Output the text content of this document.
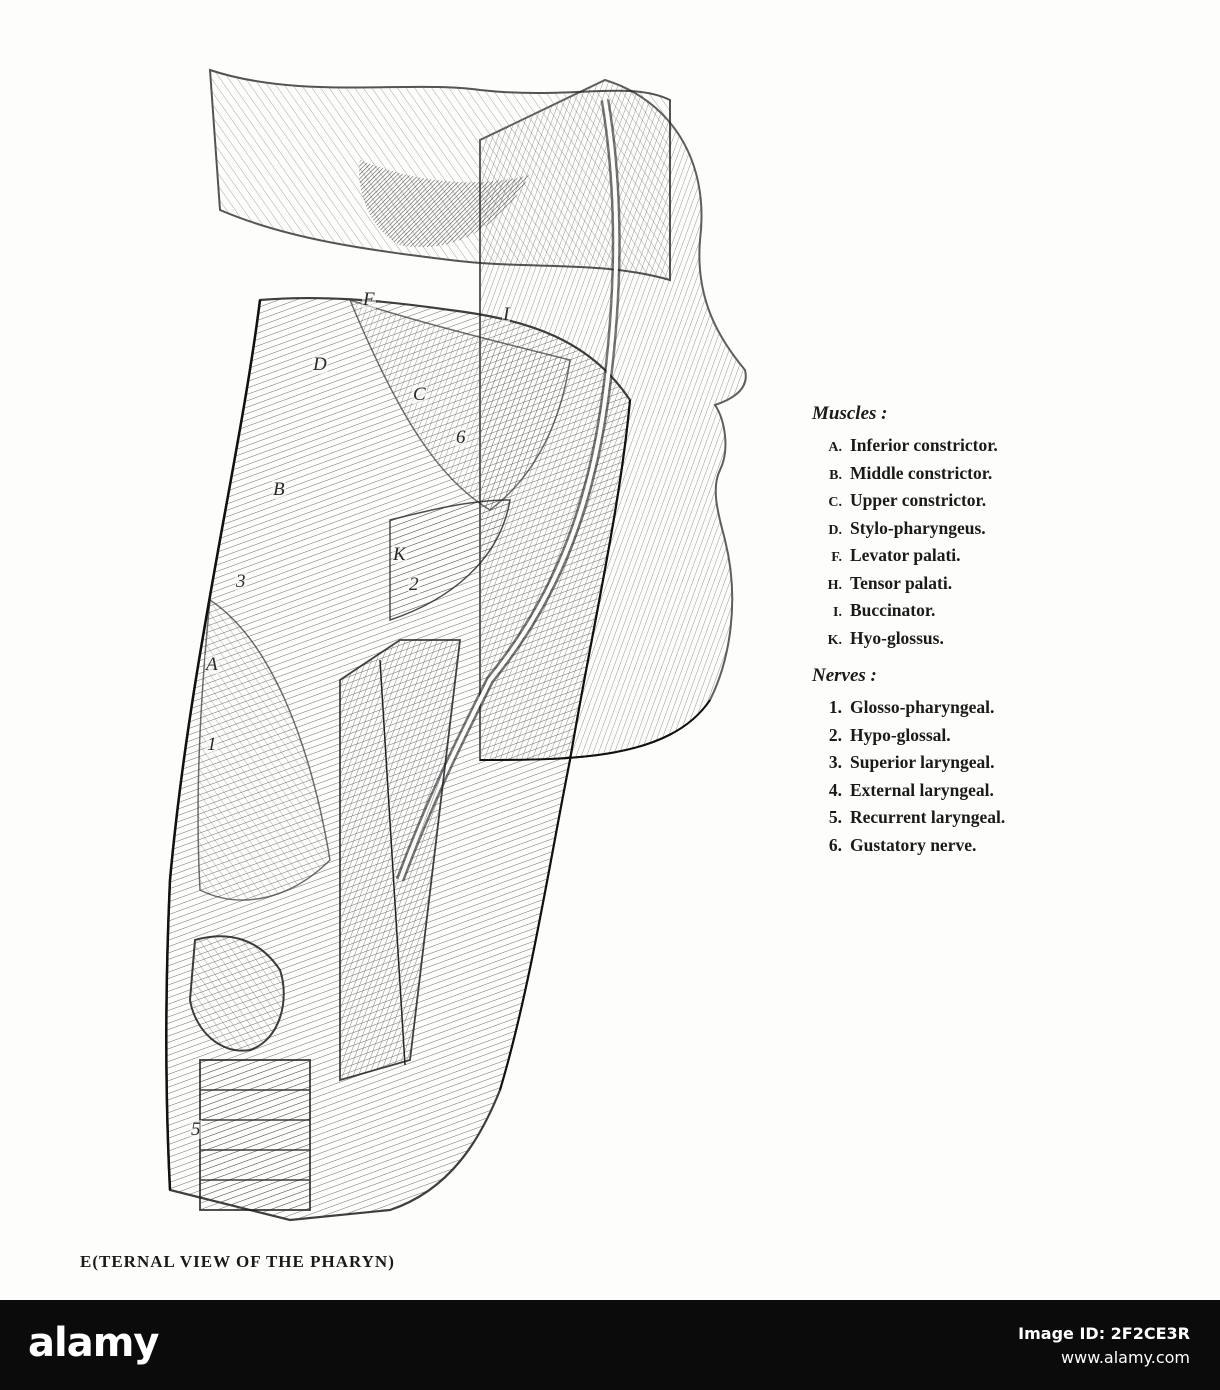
A
B
C
D
F
I
K
1
2
3
5
6
Muscles :
A. Inferior constrictor.
B. Middle constrictor.
C. Upper constrictor.
D. Stylo-pharyngeus.
F. Levator palati.
H. Tensor palati.
I. Buccinator.
K. Hyo-glossus.
Nerves :
1. Glosso-pharyngeal.
2. Hypo-glossal.
3. Superior laryngeal.
4. External laryngeal.
5. Recurrent laryngeal.
6. Gustatory nerve.
E(TERNAL VIEW OF THE PHARYN)
alamy	Image ID: 2F2CE3R
www.alamy.com
